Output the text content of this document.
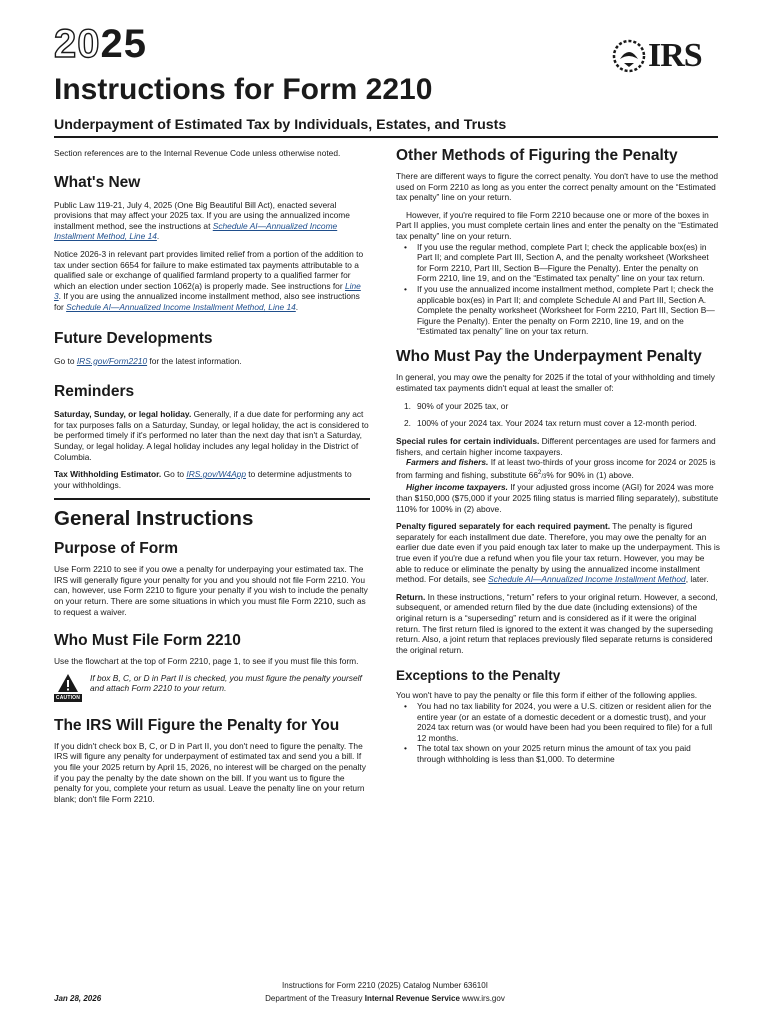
2025	IRS
Instructions for Form 2210
Underpayment of Estimated Tax by Individuals, Estates, and Trusts

Section references are to the Internal Revenue Code unless otherwise noted.

What's New

Public Law 119-21, July 4, 2025 (One Big Beautiful Bill Act), enacted several provisions that may affect your 2025 tax. If you are using the annualized income installment method, see the instructions at Schedule AI—Annualized Income Installment Method, Line 14.

Notice 2026-3 in relevant part provides limited relief from a portion of the addition to tax under section 6654 for failure to make estimated tax payments attributable to a qualified sale or exchange of qualified farmland property to a qualified farmer for which an election under section 1062(a) is properly made. See instructions for Line 3. If you are using the annualized income installment method, also see instructions for Schedule AI—Annualized Income Installment Method, Line 14.

Future Developments

Go to IRS.gov/Form2210 for the latest information.

Reminders

Saturday, Sunday, or legal holiday. Generally, if a due date for performing any act for tax purposes falls on a Saturday, Sunday, or legal holiday, the act is considered to be performed timely if it's performed no later than the next day that isn't a Saturday, Sunday, or legal holiday. A legal holiday includes any legal holiday in the District of Columbia.

Tax Withholding Estimator. Go to IRS.gov/W4App to determine adjustments to your withholdings.

General Instructions
Purpose of Form

Use Form 2210 to see if you owe a penalty for underpaying your estimated tax. The IRS will generally figure your penalty for you and you should not file Form 2210. You can, however, use Form 2210 to figure your penalty if you wish to include the penalty on your return. There are some situations in which you must file Form 2210, such as to request a waiver.

Who Must File Form 2210

Use the flowchart at the top of Form 2210, page 1, to see if you must file this form.

CAUTION
If box B, C, or D in Part II is checked, you must figure the penalty yourself and attach Form 2210 to your return.
The IRS Will Figure the Penalty for You

If you didn't check box B, C, or D in Part II, you don't need to figure the penalty. The IRS will figure any penalty for underpayment of estimated tax and send you a bill. If you file your 2025 return by April 15, 2026, no interest will be charged on the penalty if you pay the penalty by the date shown on the bill. If you want us to figure the penalty for you, complete your return as usual. Leave the penalty line on your return blank; don't file Form 2210.

Other Methods of Figuring the Penalty

There are different ways to figure the correct penalty. You don't have to use the method used on Form 2210 as long as you enter the correct penalty amount on the “Estimated tax penalty” line on your return.

However, if you're required to file Form 2210 because one or more of the boxes in Part II applies, you must complete certain lines and enter the penalty on the “Estimated tax penalty” line on your return.

• If you use the regular method, complete Part I; check the applicable box(es) in Part II; and complete Part III, Section A, and the penalty worksheet (Worksheet for Form 2210, Part III, Section B—Figure the Penalty). Enter the penalty on Form 2210, line 19, and on the “Estimated tax penalty” line on your tax return.
• If you use the annualized income installment method, complete Part I; check the applicable box(es) in Part II; and complete Schedule AI and Part III, Section A. Complete the penalty worksheet (Worksheet for Form 2210, Part III, Section B—Figure the Penalty). Enter the penalty on Form 2210, line 19, and on the “Estimated tax penalty” line on your tax return.
Who Must Pay the Underpayment Penalty

In general, you may owe the penalty for 2025 if the total of your withholding and timely estimated tax payments didn't equal at least the smaller of:

1. 90% of your 2025 tax, or
2. 100% of your 2024 tax. Your 2024 tax return must cover a 12-month period.

Special rules for certain individuals. Different percentages are used for farmers and fishers, and certain higher income taxpayers.

Farmers and fishers. If at least two-thirds of your gross income for 2024 or 2025 is from farming and fishing, substitute $66^2/3\%$ for 90% in (1) above.

Higher income taxpayers. If your adjusted gross income (AGI) for 2024 was more than $150,000 ($75,000 if your 2025 filing status is married filing separately), substitute 110% for 100% in (2) above.

Penalty figured separately for each required payment. The penalty is figured separately for each installment due date. Therefore, you may owe the penalty for an earlier due date even if you paid enough tax later to make up the underpayment. This is true even if you're due a refund when you file your tax return. However, you may be able to reduce or eliminate the penalty by using the annualized income installment method. For details, see Schedule AI—Annualized Income Installment Method, later.

Return. In these instructions, “return” refers to your original return. However, a second, subsequent, or amended return filed by the due date (including extensions) of the original return is a “superseding” return and is considered as if it were the original return. The first return filed is ignored to the extent it was changed by the superseding return. Also, a joint return that replaces previously filed separate returns is considered the original return.

Exceptions to the Penalty

You won't have to pay the penalty or file this form if either of the following applies.

• You had no tax liability for 2024, you were a U.S. citizen or resident alien for the entire year (or an estate of a domestic decedent or a domestic trust), and your 2024 tax return was (or would have been had you been required to file) for a full 12 months.
• The total tax shown on your 2025 return minus the amount of tax you paid through withholding is less than $1,000. To determine
Jan 28, 2026
Instructions for Form 2210 (2025) Catalog Number 63610I
Department of the Treasury Internal Revenue Service www.irs.gov
